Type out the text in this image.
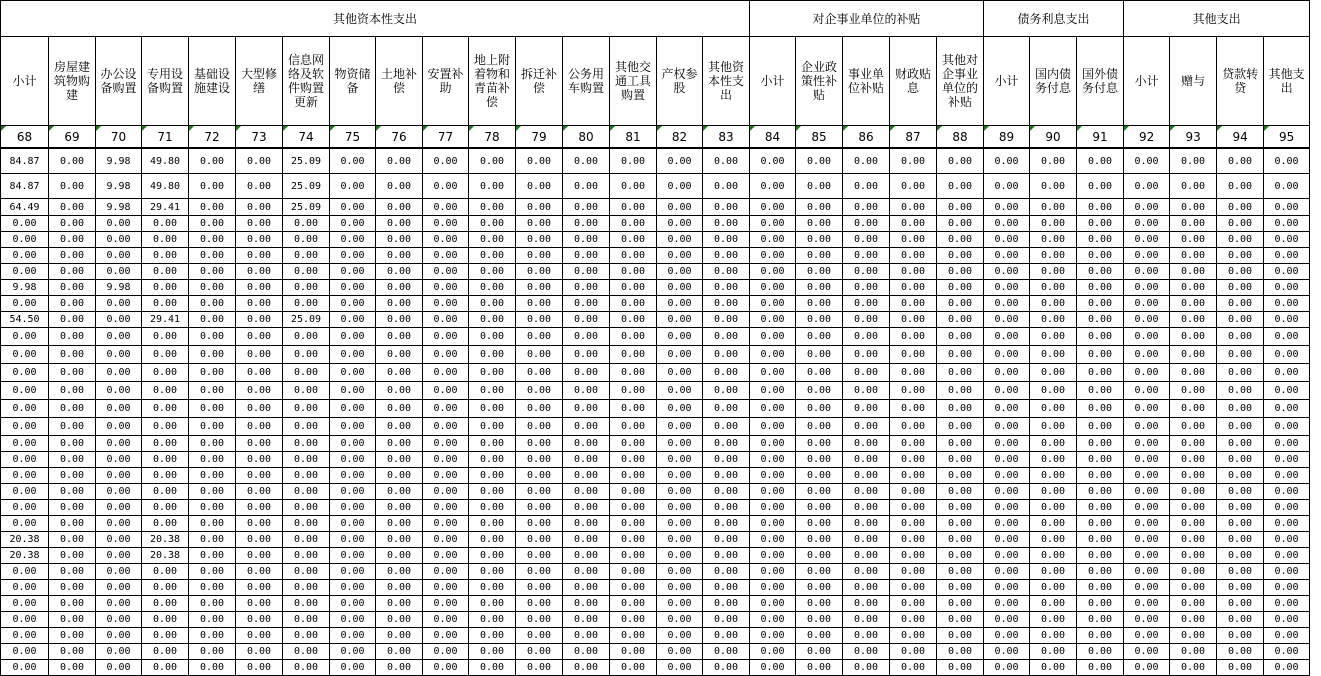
其他资本性支出																对企事业单位的补贴					债务利息支出			其他支出			
小计	房屋建筑物购建	办公设备购置	专用设备购置	基础设施建设	大型修缮	信息网络及软件购置更新	物资储备	土地补偿	安置补助	地上附着物和青苗补偿	拆迁补偿	公务用车购置	其他交通工具购置	产权参股	其他资本性支出	小计	企业政策性补贴	事业单位补贴	财政贴息	其他对企事业单位的补贴	小计	国内债务付息	国外债务付息	小计	赠与	贷款转贷	其他支出
68	69	70	71	72	73	74	75	76	77	78	79	80	81	82	83	84	85	86	87	88	89	90	91	92	93	94	95
84.87	0.00	9.98	49.80	0.00	0.00	25.09	0.00	0.00	0.00	0.00	0.00	0.00	0.00	0.00	0.00	0.00	0.00	0.00	0.00	0.00	0.00	0.00	0.00	0.00	0.00	0.00	0.00
84.87	0.00	9.98	49.80	0.00	0.00	25.09	0.00	0.00	0.00	0.00	0.00	0.00	0.00	0.00	0.00	0.00	0.00	0.00	0.00	0.00	0.00	0.00	0.00	0.00	0.00	0.00	0.00
64.49	0.00	9.98	29.41	0.00	0.00	25.09	0.00	0.00	0.00	0.00	0.00	0.00	0.00	0.00	0.00	0.00	0.00	0.00	0.00	0.00	0.00	0.00	0.00	0.00	0.00	0.00	0.00
0.00	0.00	0.00	0.00	0.00	0.00	0.00	0.00	0.00	0.00	0.00	0.00	0.00	0.00	0.00	0.00	0.00	0.00	0.00	0.00	0.00	0.00	0.00	0.00	0.00	0.00	0.00	0.00
0.00	0.00	0.00	0.00	0.00	0.00	0.00	0.00	0.00	0.00	0.00	0.00	0.00	0.00	0.00	0.00	0.00	0.00	0.00	0.00	0.00	0.00	0.00	0.00	0.00	0.00	0.00	0.00
0.00	0.00	0.00	0.00	0.00	0.00	0.00	0.00	0.00	0.00	0.00	0.00	0.00	0.00	0.00	0.00	0.00	0.00	0.00	0.00	0.00	0.00	0.00	0.00	0.00	0.00	0.00	0.00
0.00	0.00	0.00	0.00	0.00	0.00	0.00	0.00	0.00	0.00	0.00	0.00	0.00	0.00	0.00	0.00	0.00	0.00	0.00	0.00	0.00	0.00	0.00	0.00	0.00	0.00	0.00	0.00
9.98	0.00	9.98	0.00	0.00	0.00	0.00	0.00	0.00	0.00	0.00	0.00	0.00	0.00	0.00	0.00	0.00	0.00	0.00	0.00	0.00	0.00	0.00	0.00	0.00	0.00	0.00	0.00
0.00	0.00	0.00	0.00	0.00	0.00	0.00	0.00	0.00	0.00	0.00	0.00	0.00	0.00	0.00	0.00	0.00	0.00	0.00	0.00	0.00	0.00	0.00	0.00	0.00	0.00	0.00	0.00
54.50	0.00	0.00	29.41	0.00	0.00	25.09	0.00	0.00	0.00	0.00	0.00	0.00	0.00	0.00	0.00	0.00	0.00	0.00	0.00	0.00	0.00	0.00	0.00	0.00	0.00	0.00	0.00
0.00	0.00	0.00	0.00	0.00	0.00	0.00	0.00	0.00	0.00	0.00	0.00	0.00	0.00	0.00	0.00	0.00	0.00	0.00	0.00	0.00	0.00	0.00	0.00	0.00	0.00	0.00	0.00
0.00	0.00	0.00	0.00	0.00	0.00	0.00	0.00	0.00	0.00	0.00	0.00	0.00	0.00	0.00	0.00	0.00	0.00	0.00	0.00	0.00	0.00	0.00	0.00	0.00	0.00	0.00	0.00
0.00	0.00	0.00	0.00	0.00	0.00	0.00	0.00	0.00	0.00	0.00	0.00	0.00	0.00	0.00	0.00	0.00	0.00	0.00	0.00	0.00	0.00	0.00	0.00	0.00	0.00	0.00	0.00
0.00	0.00	0.00	0.00	0.00	0.00	0.00	0.00	0.00	0.00	0.00	0.00	0.00	0.00	0.00	0.00	0.00	0.00	0.00	0.00	0.00	0.00	0.00	0.00	0.00	0.00	0.00	0.00
0.00	0.00	0.00	0.00	0.00	0.00	0.00	0.00	0.00	0.00	0.00	0.00	0.00	0.00	0.00	0.00	0.00	0.00	0.00	0.00	0.00	0.00	0.00	0.00	0.00	0.00	0.00	0.00
0.00	0.00	0.00	0.00	0.00	0.00	0.00	0.00	0.00	0.00	0.00	0.00	0.00	0.00	0.00	0.00	0.00	0.00	0.00	0.00	0.00	0.00	0.00	0.00	0.00	0.00	0.00	0.00
0.00	0.00	0.00	0.00	0.00	0.00	0.00	0.00	0.00	0.00	0.00	0.00	0.00	0.00	0.00	0.00	0.00	0.00	0.00	0.00	0.00	0.00	0.00	0.00	0.00	0.00	0.00	0.00
0.00	0.00	0.00	0.00	0.00	0.00	0.00	0.00	0.00	0.00	0.00	0.00	0.00	0.00	0.00	0.00	0.00	0.00	0.00	0.00	0.00	0.00	0.00	0.00	0.00	0.00	0.00	0.00
0.00	0.00	0.00	0.00	0.00	0.00	0.00	0.00	0.00	0.00	0.00	0.00	0.00	0.00	0.00	0.00	0.00	0.00	0.00	0.00	0.00	0.00	0.00	0.00	0.00	0.00	0.00	0.00
0.00	0.00	0.00	0.00	0.00	0.00	0.00	0.00	0.00	0.00	0.00	0.00	0.00	0.00	0.00	0.00	0.00	0.00	0.00	0.00	0.00	0.00	0.00	0.00	0.00	0.00	0.00	0.00
0.00	0.00	0.00	0.00	0.00	0.00	0.00	0.00	0.00	0.00	0.00	0.00	0.00	0.00	0.00	0.00	0.00	0.00	0.00	0.00	0.00	0.00	0.00	0.00	0.00	0.00	0.00	0.00
0.00	0.00	0.00	0.00	0.00	0.00	0.00	0.00	0.00	0.00	0.00	0.00	0.00	0.00	0.00	0.00	0.00	0.00	0.00	0.00	0.00	0.00	0.00	0.00	0.00	0.00	0.00	0.00
20.38	0.00	0.00	20.38	0.00	0.00	0.00	0.00	0.00	0.00	0.00	0.00	0.00	0.00	0.00	0.00	0.00	0.00	0.00	0.00	0.00	0.00	0.00	0.00	0.00	0.00	0.00	0.00
20.38	0.00	0.00	20.38	0.00	0.00	0.00	0.00	0.00	0.00	0.00	0.00	0.00	0.00	0.00	0.00	0.00	0.00	0.00	0.00	0.00	0.00	0.00	0.00	0.00	0.00	0.00	0.00
0.00	0.00	0.00	0.00	0.00	0.00	0.00	0.00	0.00	0.00	0.00	0.00	0.00	0.00	0.00	0.00	0.00	0.00	0.00	0.00	0.00	0.00	0.00	0.00	0.00	0.00	0.00	0.00
0.00	0.00	0.00	0.00	0.00	0.00	0.00	0.00	0.00	0.00	0.00	0.00	0.00	0.00	0.00	0.00	0.00	0.00	0.00	0.00	0.00	0.00	0.00	0.00	0.00	0.00	0.00	0.00
0.00	0.00	0.00	0.00	0.00	0.00	0.00	0.00	0.00	0.00	0.00	0.00	0.00	0.00	0.00	0.00	0.00	0.00	0.00	0.00	0.00	0.00	0.00	0.00	0.00	0.00	0.00	0.00
0.00	0.00	0.00	0.00	0.00	0.00	0.00	0.00	0.00	0.00	0.00	0.00	0.00	0.00	0.00	0.00	0.00	0.00	0.00	0.00	0.00	0.00	0.00	0.00	0.00	0.00	0.00	0.00
0.00	0.00	0.00	0.00	0.00	0.00	0.00	0.00	0.00	0.00	0.00	0.00	0.00	0.00	0.00	0.00	0.00	0.00	0.00	0.00	0.00	0.00	0.00	0.00	0.00	0.00	0.00	0.00
0.00	0.00	0.00	0.00	0.00	0.00	0.00	0.00	0.00	0.00	0.00	0.00	0.00	0.00	0.00	0.00	0.00	0.00	0.00	0.00	0.00	0.00	0.00	0.00	0.00	0.00	0.00	0.00
0.00	0.00	0.00	0.00	0.00	0.00	0.00	0.00	0.00	0.00	0.00	0.00	0.00	0.00	0.00	0.00	0.00	0.00	0.00	0.00	0.00	0.00	0.00	0.00	0.00	0.00	0.00	0.00
